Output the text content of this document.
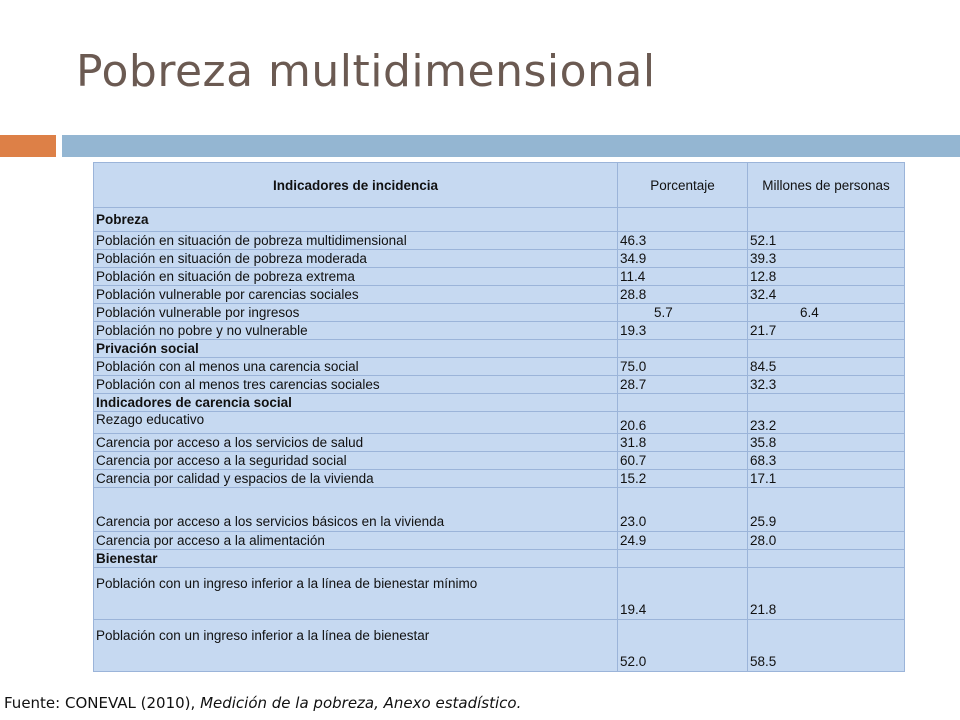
Pobreza multidimensional
Indicadores de incidencia	Porcentaje	Millones de personas
Pobreza		
Población en situación de pobreza multidimensional	46.3	52.1
Población en situación de pobreza moderada	34.9	39.3
Población en situación de pobreza extrema	11.4	12.8
Población vulnerable por carencias sociales	28.8	32.4
Población vulnerable por ingresos	5.7	6.4
Población no pobre y no vulnerable	19.3	21.7
Privación social		
Población con al menos una carencia social	75.0	84.5
Población con al menos tres carencias sociales	28.7	32.3
Indicadores de carencia social		
Rezago educativo	20.6	23.2
Carencia por acceso a los servicios de salud	31.8	35.8
Carencia por acceso a la seguridad social	60.7	68.3
Carencia por calidad y espacios de la vivienda	15.2	17.1
Carencia por acceso a los servicios básicos en la vivienda	23.0	25.9
Carencia por acceso a la alimentación	24.9	28.0
Bienestar		
Población con un ingreso inferior a la línea de bienestar mínimo	19.4	21.8
Población con un ingreso inferior a la línea de bienestar	52.0	58.5
Fuente: CONEVAL (2010), Medición de la pobreza, Anexo estadístico.
